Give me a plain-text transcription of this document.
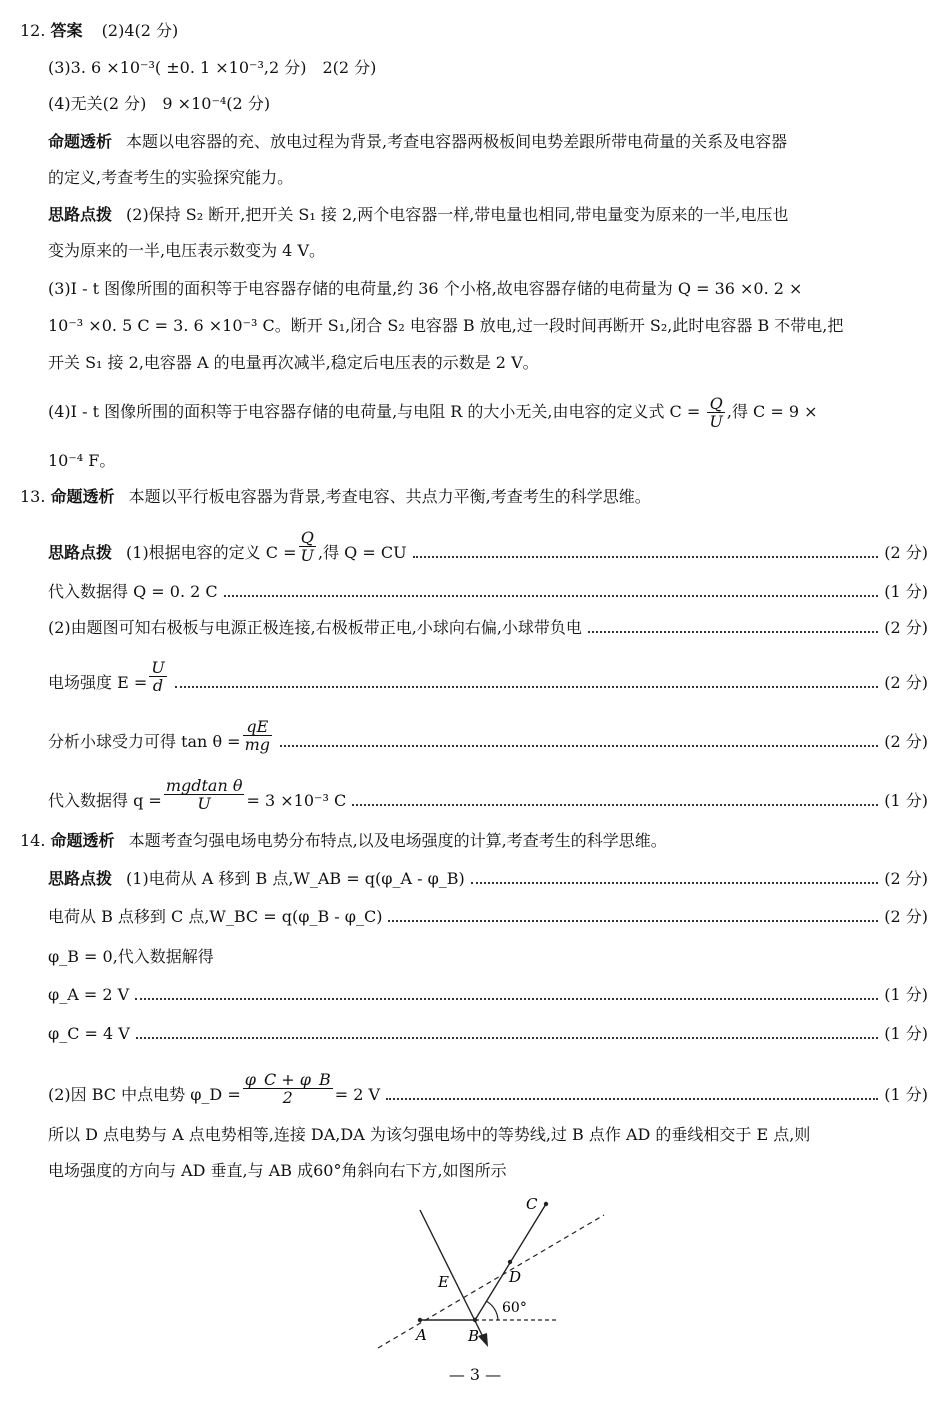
12. 答案 (2)4(2 分)
(3)3. 6 ×10⁻³( ±0. 1 ×10⁻³,2 分)　2(2 分)
(4)无关(2 分)　9 ×10⁻⁴(2 分)
命题透析 本题以电容器的充、放电过程为背景,考查电容器两极板间电势差跟所带电荷量的关系及电容器
的定义,考查考生的实验探究能力。
思路点拨 (2)保持 S₂ 断开,把开关 S₁ 接 2,两个电容器一样,带电量也相同,带电量变为原来的一半,电压也
变为原来的一半,电压表示数变为 4 V。
(3)I - t 图像所围的面积等于电容器存储的电荷量,约 36 个小格,故电容器存储的电荷量为 Q = 36 ×0. 2 ×
10⁻³ ×0. 5 C = 3. 6 ×10⁻³ C。断开 S₁,闭合 S₂ 电容器 B 放电,过一段时间再断开 S₂,此时电容器 B 不带电,把
开关 S₁ 接 2,电容器 A 的电量再次减半,稳定后电压表的示数是 2 V。
(4)I - t 图像所围的面积等于电容器存储的电荷量,与电阻 R 的大小无关,由电容的定义式 $C = \frac{Q}{U}$ ,得 C = 9 ×
10⁻⁴ F。
13. 命题透析 本题以平行板电容器为背景,考查电容、共点力平衡,考查考生的科学思维。
思路点拨 (1)根据电容的定义 $C = \frac{Q}{U}$ ,得 Q = CU	(2 分)
代入数据得 Q = 0. 2 C	(1 分)
(2)由题图可知右极板与电源正极连接,右极板带正电,小球向右偏,小球带负电	(2 分)
电场强度 $E = \frac{U}{d}$	(2 分)
分析小球受力可得 $\tan \theta = \frac{qE}{mg}$	(2 分)
代入数据得 $q = \frac{\text{mgdtan θ}}{U} = 3 \times 10^{-3}$ C	(1 分)
14. 命题透析 本题考查匀强电场电势分布特点,以及电场强度的计算,考查考生的科学思维。
思路点拨 (1)电荷从 A 移到 B 点,W_AB = q(φ_A - φ_B)	(2 分)
电荷从 B 点移到 C 点,W_BC = q(φ_B - φ_C)	(2 分)
φ_B = 0,代入数据解得
φ_A = 2 V	(1 分)
φ_C = 4 V	(1 分)
(2)因 BC 中点电势 φ_D = $\frac{\varphi\_C + \varphi\_B}{2} = 2$ V	(1 分)
所以 D 点电势与 A 点电势相等,连接 DA,DA 为该匀强电场中的等势线,过 B 点作 AD 的垂线相交于 E 点,则
电场强度的方向与 AD 垂直,与 AB 成60°角斜向右下方,如图所示
A	B
C
D
E
60°
— 3 —
